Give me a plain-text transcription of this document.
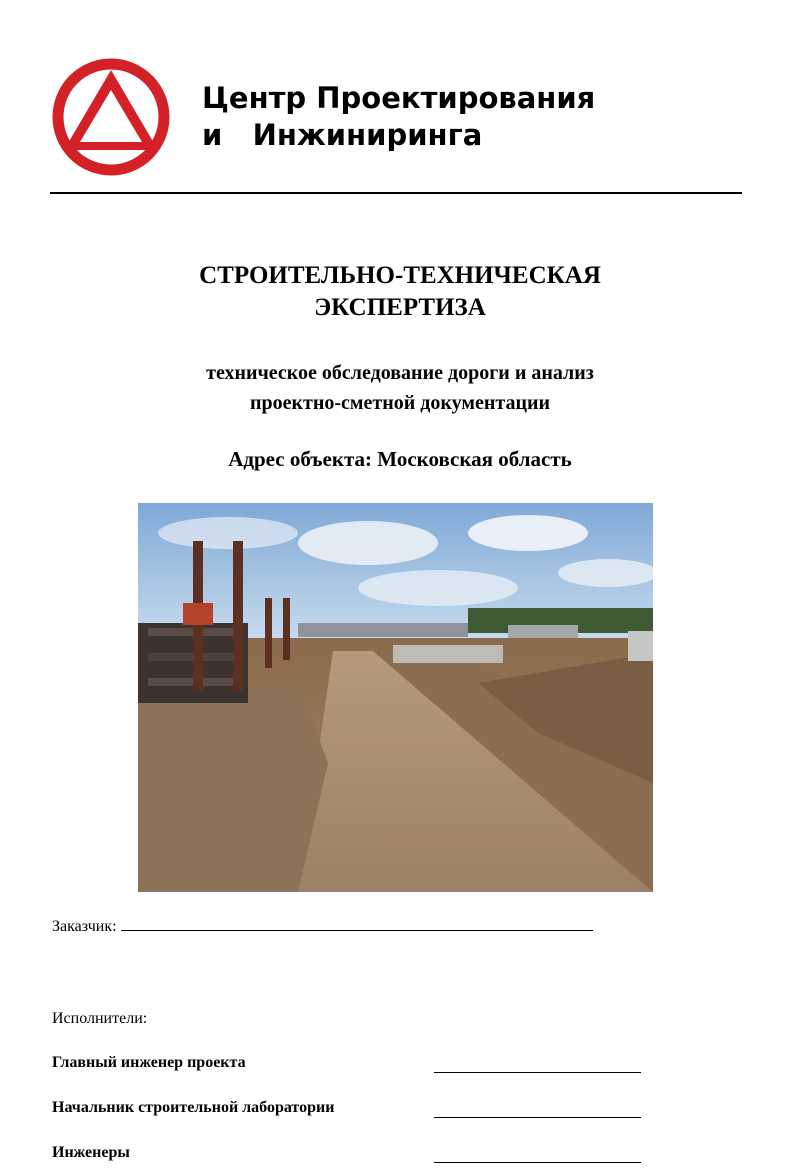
Центр Проектирования
и   Инжиниринга
СТРОИТЕЛЬНО-ТЕХНИЧЕСКАЯ
ЭКСПЕРТИЗА
техническое обследование дороги и анализ
проектно-сметной документации
Адрес объекта: Московская область
Заказчик:
Исполнители:
Главный инженер проекта
Начальник строительной лаборатории
Инженеры
